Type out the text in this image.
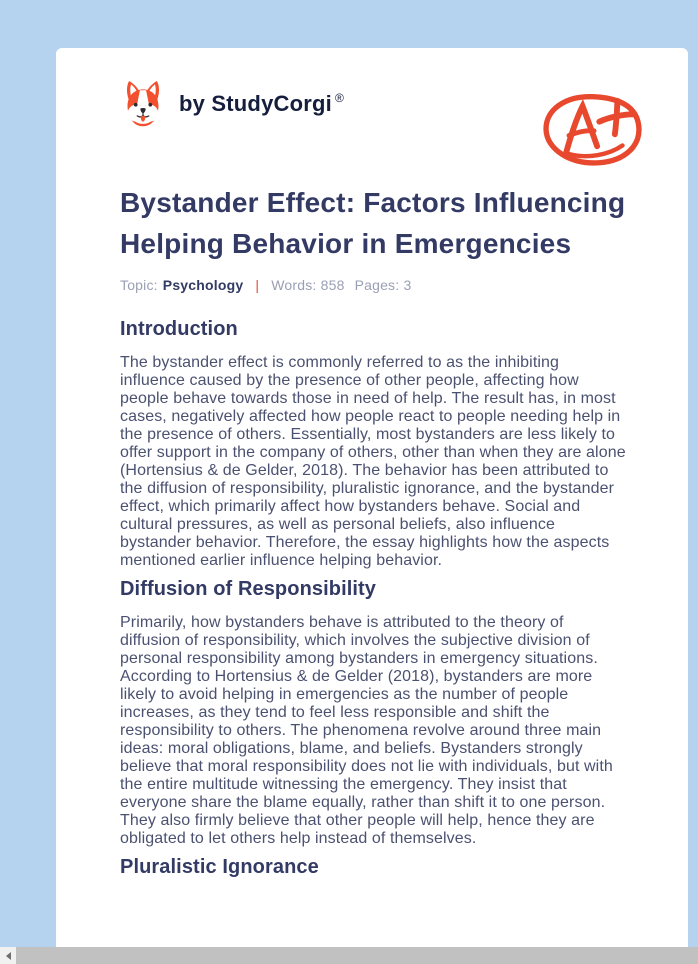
by StudyCorgi ®
Bystander Effect: Factors Influencing Helping Behavior in Emergencies
Topic: Psychology | Words: 858 Pages: 3
Introduction

The bystander effect is commonly referred to as the inhibiting influence caused by the presence of other people, affecting how people behave towards those in need of help. The result has, in most cases, negatively affected how people react to people needing help in the presence of others. Essentially, most bystanders are less likely to offer support in the company of others, other than when they are alone (Hortensius & de Gelder, 2018). The behavior has been attributed to the diffusion of responsibility, pluralistic ignorance, and the bystander effect, which primarily affect how bystanders behave. Social and cultural pressures, as well as personal beliefs, also influence bystander behavior. Therefore, the essay highlights how the aspects mentioned earlier influence helping behavior.

Diffusion of Responsibility

Primarily, how bystanders behave is attributed to the theory of diffusion of responsibility, which involves the subjective division of personal responsibility among bystanders in emergency situations. According to Hortensius & de Gelder (2018), bystanders are more likely to avoid helping in emergencies as the number of people increases, as they tend to feel less responsible and shift the responsibility to others. The phenomena revolve around three main ideas: moral obligations, blame, and beliefs. Bystanders strongly believe that moral responsibility does not lie with individuals, but with the entire multitude witnessing the emergency. They insist that everyone share the blame equally, rather than shift it to one person. They also firmly believe that other people will help, hence they are obligated to let others help instead of themselves.

Pluralistic Ignorance
